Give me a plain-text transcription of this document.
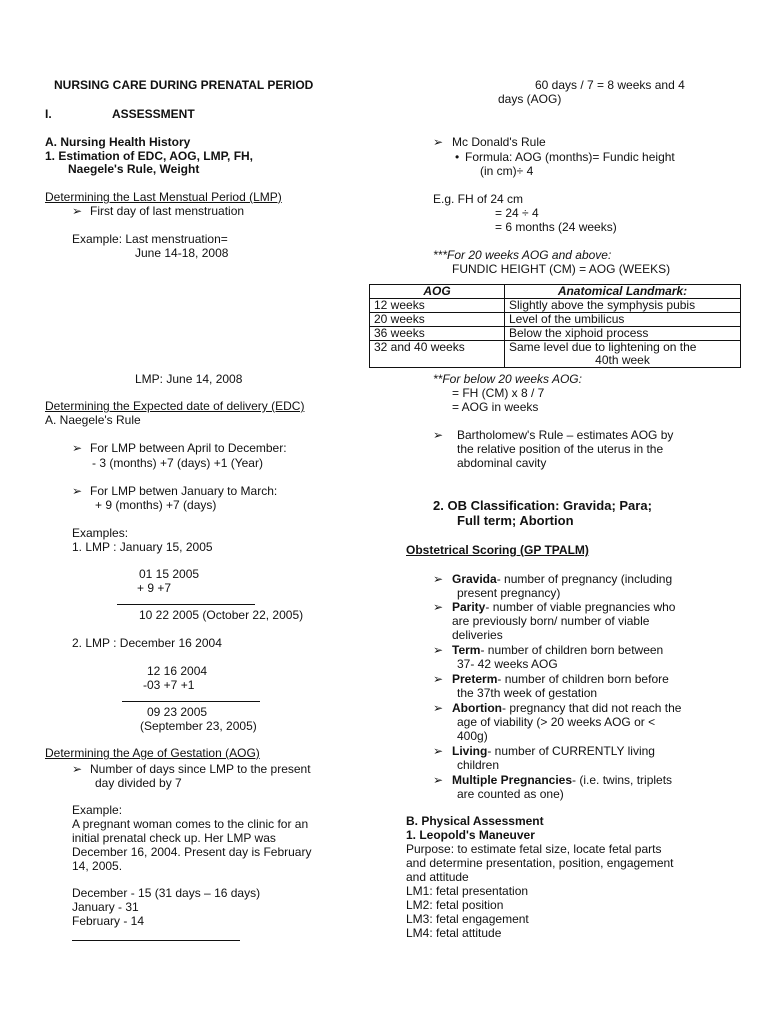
NURSING CARE DURING PRENATAL PERIOD
I.	ASSESSMENT
A. Nursing Health History
1. Estimation of EDC, AOG, LMP, FH,
Naegele's Rule, Weight
Determining the Last Menstual Period (LMP)
➢ First day of last menstruation
Example: Last menstruation=
June 14-18, 2008
LMP: June 14, 2008
Determining the Expected date of delivery (EDC)
A. Naegele's Rule
➢ For LMP between April to December:
- 3 (months) +7 (days) +1 (Year)
➢ For LMP betwen January to March:
+ 9 (months) +7 (days)
Examples:
1. LMP : January 15, 2005
01 15 2005
+ 9 +7
10 22 2005 (October 22, 2005)
2. LMP : December 16 2004
12 16 2004
-03 +7 +1
09 23 2005
(September 23, 2005)
Determining the Age of Gestation (AOG)
➢ Number of days since LMP to the present
day divided by 7
Example:
A pregnant woman comes to the clinic for an
initial prenatal check up. Her LMP was
December 16, 2004. Present day is February
14, 2005.
December - 15 (31 days – 16 days)
January - 31
February - 14
60 days / 7 = 8 weeks and 4
days (AOG)
➢ Mc Donald's Rule
• Formula: AOG (months)= Fundic height
(in cm)÷ 4
E.g. FH of 24 cm
= 24 ÷ 4
= 6 months (24 weeks)
***For 20 weeks AOG and above:
FUNDIC HEIGHT (CM) = AOG (WEEKS)
AOG	Anatomical Landmark:
12 weeks	Slightly above the symphysis pubis
20 weeks	Level of the umbilicus
36 weeks	Below the xiphoid process
32 and 40 weeks	Same level due to lightening on the
40th week
**For below 20 weeks AOG:
= FH (CM) x 8 / 7
= AOG in weeks
➢ Bartholomew's Rule – estimates AOG by
the relative position of the uterus in the
abdominal cavity
2. OB Classification: Gravida; Para;
Full term; Abortion
Obstetrical Scoring (GP TPALM)
➢ Gravida- number of pregnancy (including
present pregnancy)
➢ Parity- number of viable pregnancies who
are previously born/ number of viable
deliveries
➢ Term- number of children born between
37- 42 weeks AOG
➢ Preterm- number of children born before
the 37th week of gestation
➢ Abortion- pregnancy that did not reach the
age of viability (> 20 weeks AOG or <
400g)
➢ Living- number of CURRENTLY living
children
➢ Multiple Pregnancies- (i.e. twins, triplets
are counted as one)
B. Physical Assessment
1. Leopold's Maneuver
Purpose: to estimate fetal size, locate fetal parts
and determine presentation, position, engagement
and attitude
LM1: fetal presentation
LM2: fetal position
LM3: fetal engagement
LM4: fetal attitude
